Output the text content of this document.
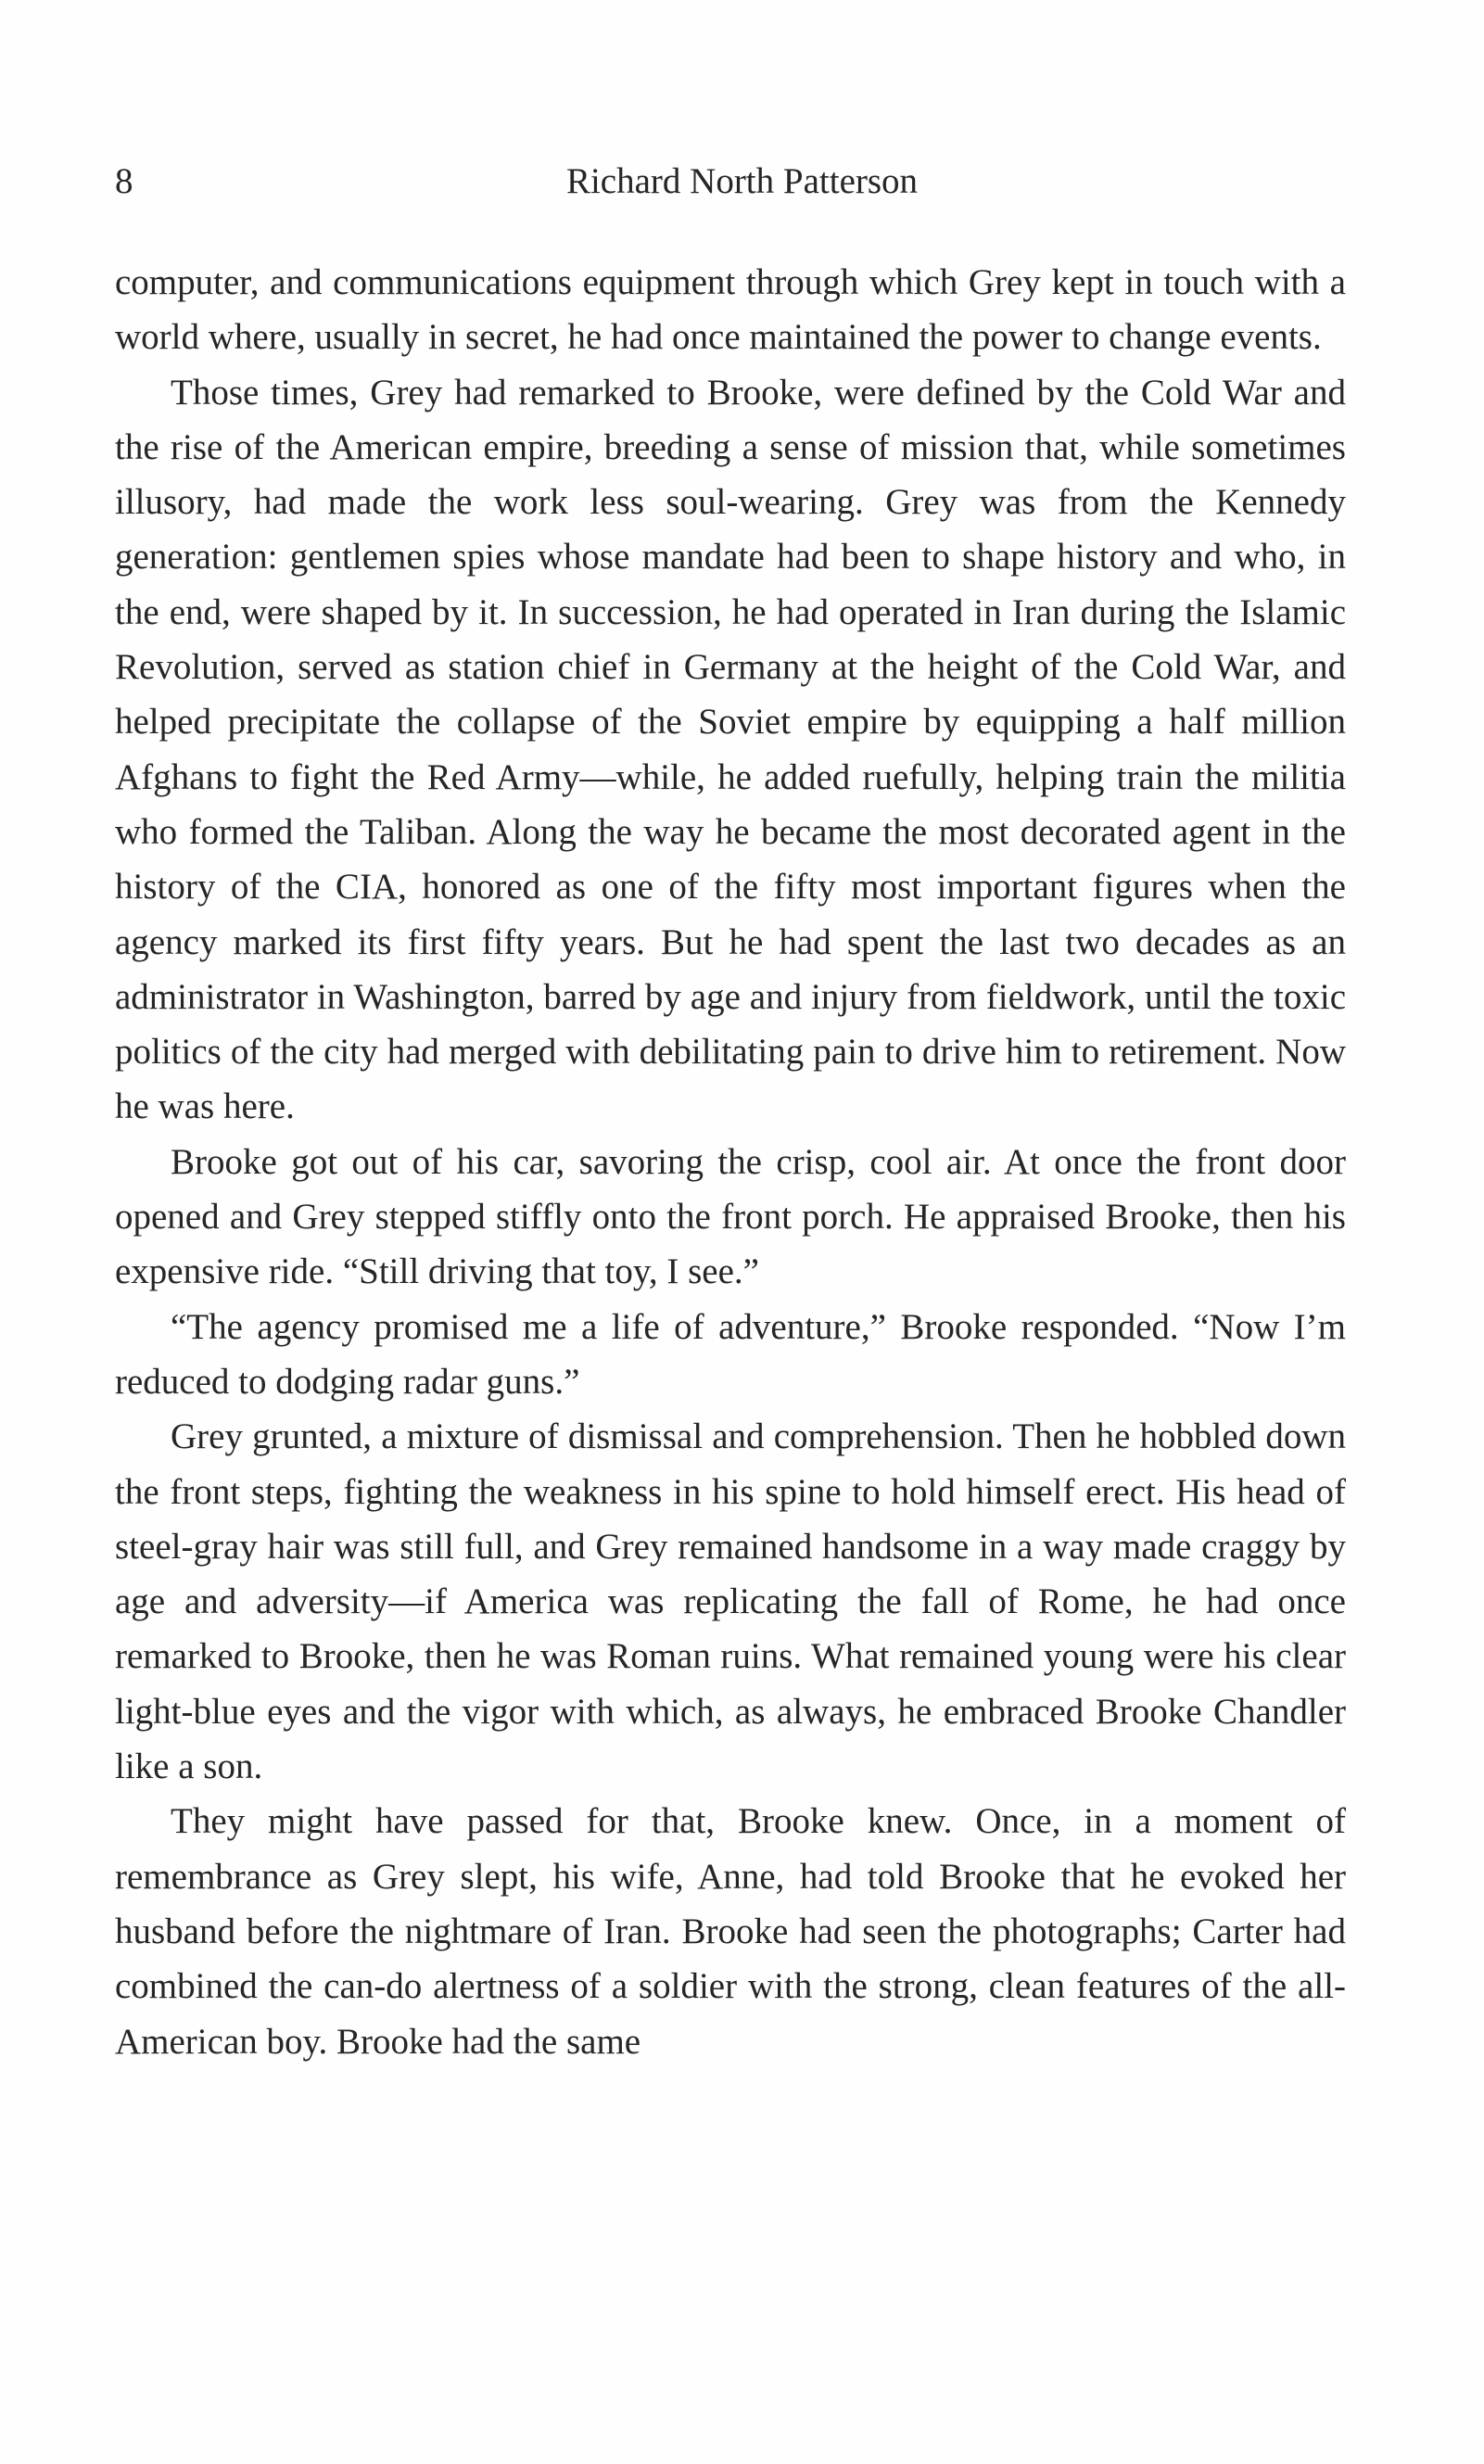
8	Richard North Patterson

computer, and communications equipment through which Grey kept in touch with a world where, usually in secret, he had once maintained the power to change events.

Those times, Grey had remarked to Brooke, were defined by the Cold War and the rise of the American empire, breeding a sense of mission that, while sometimes illusory, had made the work less soul-wearing. Grey was from the Kennedy generation: gentlemen spies whose mandate had been to shape history and who, in the end, were shaped by it. In succession, he had operated in Iran during the Islamic Revolution, served as station chief in Germany at the height of the Cold War, and helped precipitate the collapse of the Soviet empire by equipping a half million Afghans to fight the Red Army—while, he added ruefully, helping train the militia who formed the Taliban. Along the way he became the most decorated agent in the history of the CIA, honored as one of the fifty most important figures when the agency marked its first fifty years. But he had spent the last two decades as an administrator in Washington, barred by age and injury from fieldwork, until the toxic politics of the city had merged with debilitating pain to drive him to retirement. Now he was here.

Brooke got out of his car, savoring the crisp, cool air. At once the front door opened and Grey stepped stiffly onto the front porch. He appraised Brooke, then his expensive ride. “Still driving that toy, I see.”

“The agency promised me a life of adventure,” Brooke responded. “Now I’m reduced to dodging radar guns.”

Grey grunted, a mixture of dismissal and comprehension. Then he hobbled down the front steps, fighting the weakness in his spine to hold himself erect. His head of steel-gray hair was still full, and Grey remained handsome in a way made craggy by age and adversity—if America was replicating the fall of Rome, he had once remarked to Brooke, then he was Roman ruins. What remained young were his clear light-blue eyes and the vigor with which, as always, he embraced Brooke Chandler like a son.

They might have passed for that, Brooke knew. Once, in a moment of remembrance as Grey slept, his wife, Anne, had told Brooke that he evoked her husband before the nightmare of Iran. Brooke had seen the photographs; Carter had combined the can-do alertness of a soldier with the strong, clean features of the all-American boy. Brooke had the same
